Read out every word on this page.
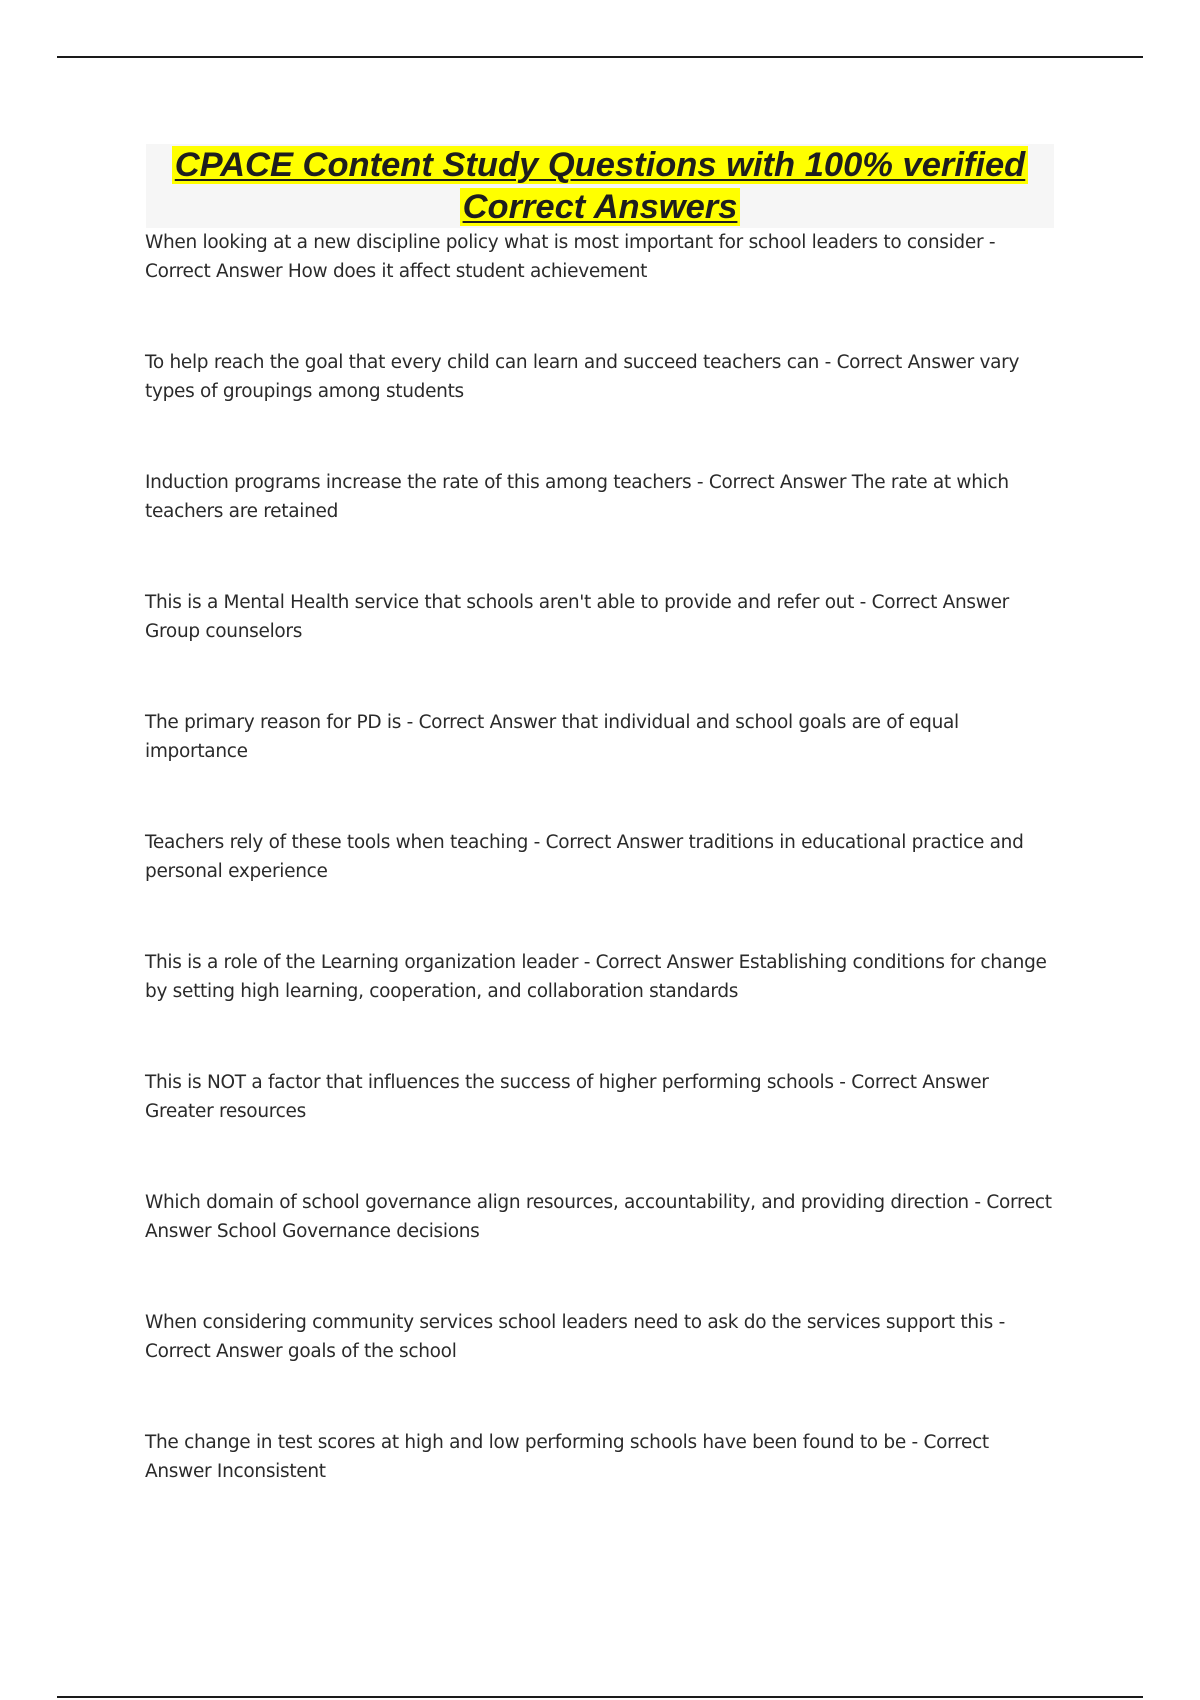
CPACE Content Study Questions with 100% verified
Correct Answers
When looking at a new discipline policy what is most important for school leaders to consider - Correct Answer How does it affect student achievement
To help reach the goal that every child can learn and succeed teachers can - Correct Answer vary types of groupings among students
Induction programs increase the rate of this among teachers - Correct Answer The rate at which teachers are retained
This is a Mental Health service that schools aren't able to provide and refer out - Correct Answer Group counselors
The primary reason for PD is - Correct Answer that individual and school goals are of equal importance
Teachers rely of these tools when teaching - Correct Answer traditions in educational practice and personal experience
This is a role of the Learning organization leader - Correct Answer Establishing conditions for change by setting high learning, cooperation, and collaboration standards
This is NOT a factor that influences the success of higher performing schools - Correct Answer Greater resources
Which domain of school governance align resources, accountability, and providing direction - Correct Answer School Governance decisions
When considering community services school leaders need to ask do the services support this - Correct Answer goals of the school
The change in test scores at high and low performing schools have been found to be - Correct Answer Inconsistent
